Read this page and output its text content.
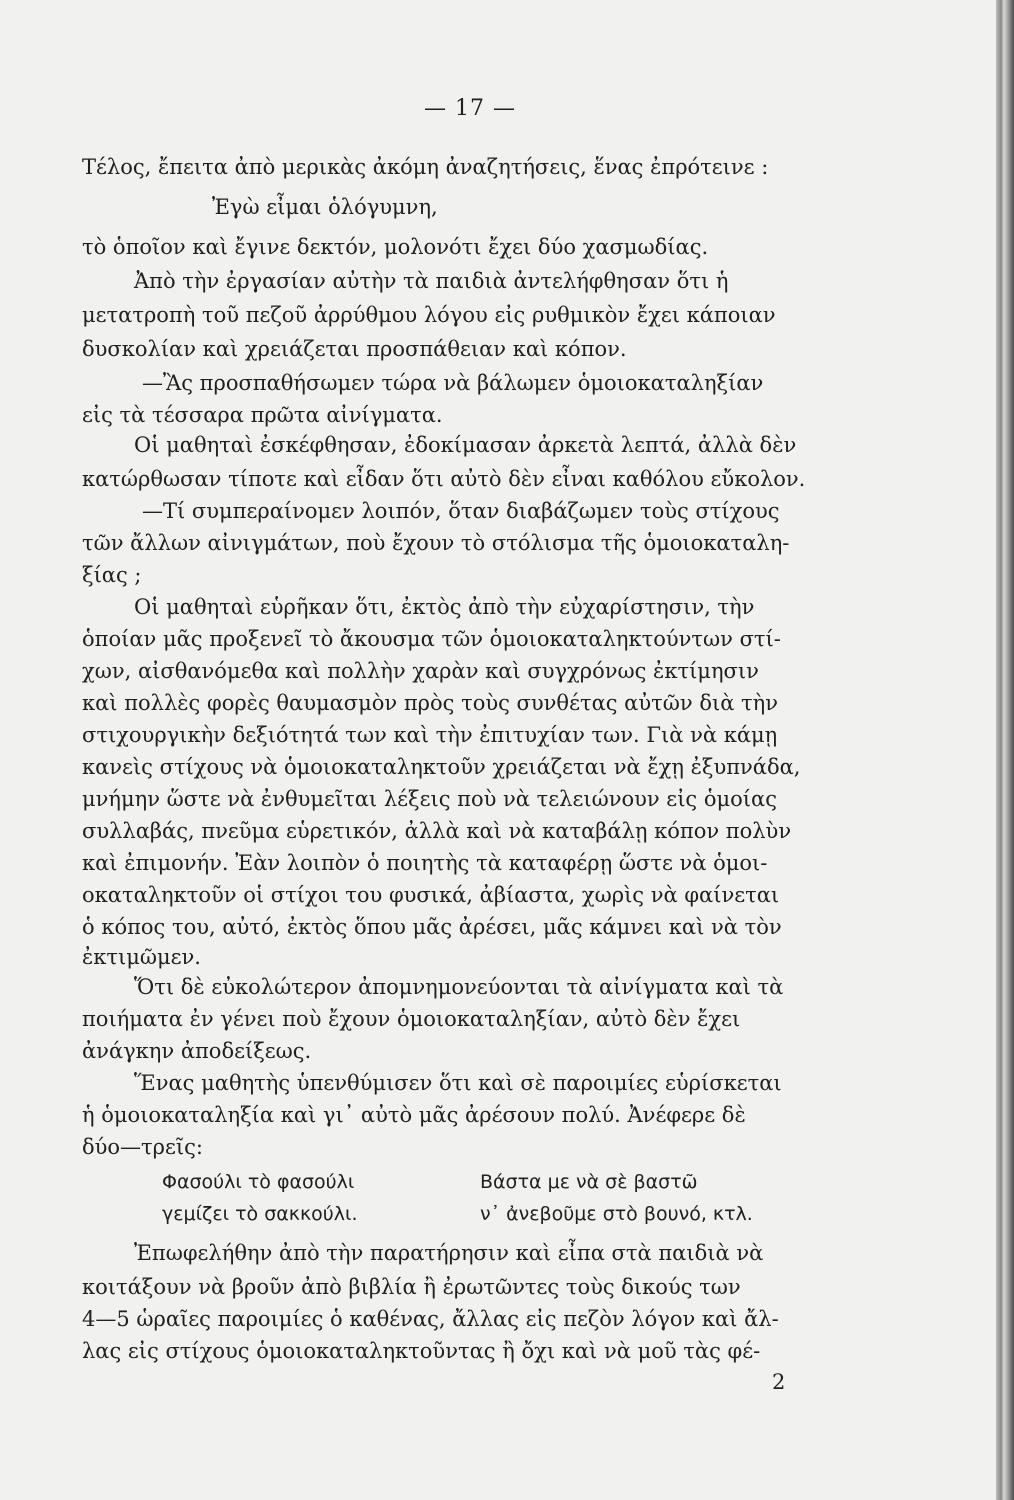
— 17 —
Τέλος, ἔπειτα ἀπὸ μερικὰς ἀκόμη ἀναζητήσεις, ἕνας ἐπρότεινε :
Ἐγὼ εἶμαι ὁλόγυμνη,
τὸ ὁποῖον καὶ ἔγινε δεκτόν, μολονότι ἔχει δύο χασμωδίας.
Ἀπὸ τὴν ἐργασίαν αὐτὴν τὰ παιδιὰ ἀντελήφθησαν ὅτι ἡ
μετατροπὴ τοῦ πεζοῦ ἀρρύθμου λόγου εἰς ρυθμικὸν ἔχει κάποιαν
δυσκολίαν καὶ χρειάζεται προσπάθειαν καὶ κόπον.
—Ἂς προσπαθήσωμεν τώρα νὰ βάλωμεν ὁμοιοκαταληξίαν
εἰς τὰ τέσσαρα πρῶτα αἰνίγματα.
Οἱ μαθηταὶ ἐσκέφθησαν, ἐδοκίμασαν ἀρκετὰ λεπτά, ἀλλὰ δὲν
κατώρθωσαν τίποτε καὶ εἶδαν ὅτι αὐτὸ δὲν εἶναι καθόλου εὔκολον.
—Τί συμπεραίνομεν λοιπόν, ὅταν διαβάζωμεν τοὺς στίχους
τῶν ἄλλων αἰνιγμάτων, ποὺ ἔχουν τὸ στόλισμα τῆς ὁμοιοκαταλη-
ξίας ;
Οἱ μαθηταὶ εὑρῆκαν ὅτι, ἐκτὸς ἀπὸ τὴν εὐχαρίστησιν, τὴν
ὁποίαν μᾶς προξενεῖ τὸ ἄκουσμα τῶν ὁμοιοκαταληκτούντων στί-
χων, αἰσθανόμεθα καὶ πολλὴν χαρὰν καὶ συγχρόνως ἐκτίμησιν
καὶ πολλὲς φορὲς θαυμασμὸν πρὸς τοὺς συνθέτας αὐτῶν διὰ τὴν
στιχουργικὴν δεξιότητά των καὶ τὴν ἐπιτυχίαν των. Γιὰ νὰ κάμῃ
κανεὶς στίχους νὰ ὁμοιοκαταληκτοῦν χρειάζεται νὰ ἔχῃ ἐξυπνάδα,
μνήμην ὥστε νὰ ἐνθυμεῖται λέξεις ποὺ νὰ τελειώνουν εἰς ὁμοίας
συλλαβάς, πνεῦμα εὑρετικόν, ἀλλὰ καὶ νὰ καταβάλῃ κόπον πολὺν
καὶ ἐπιμονήν. Ἐὰν λοιπὸν ὁ ποιητὴς τὰ καταφέρῃ ὥστε νὰ ὁμοι-
οκαταληκτοῦν οἱ στίχοι του φυσικά, ἀβίαστα, χωρὶς νὰ φαίνεται
ὁ κόπος του, αὐτό, ἐκτὸς ὅπου μᾶς ἀρέσει, μᾶς κάμνει καὶ νὰ τὸν
ἐκτιμῶμεν.
Ὅτι δὲ εὐκολώτερον ἀπομνημονεύονται τὰ αἰνίγματα καὶ τὰ
ποιήματα ἐν γένει ποὺ ἔχουν ὁμοιοκαταληξίαν, αὐτὸ δὲν ἔχει
ἀνάγκην ἀποδείξεως.
Ἕνας μαθητὴς ὑπενθύμισεν ὅτι καὶ σὲ παροιμίες εὑρίσκεται
ἡ ὁμοιοκαταληξία καὶ γι᾽ αὐτὸ μᾶς ἀρέσουν πολύ. Ἀνέφερε δὲ
δύο—τρεῖς:
Φασούλι τὸ φασούλι
γεμίζει τὸ σακκούλι.
Βάστα με νὰ σὲ βαστῶ
ν᾽ ἀνεβοῦμε στὸ βουνό, κτλ.
Ἐπωφελήθην ἀπὸ τὴν παρατήρησιν καὶ εἶπα στὰ παιδιὰ νὰ
κοιτάξουν νὰ βροῦν ἀπὸ βιβλία ἢ ἐρωτῶντες τοὺς δικούς των
4—5 ὡραῖες παροιμίες ὁ καθένας, ἄλλας εἰς πεζὸν λόγον καὶ ἄλ-
λας εἰς στίχους ὁμοιοκαταληκτοῦντας ἢ ὄχι καὶ νὰ μοῦ τὰς φέ-
2
